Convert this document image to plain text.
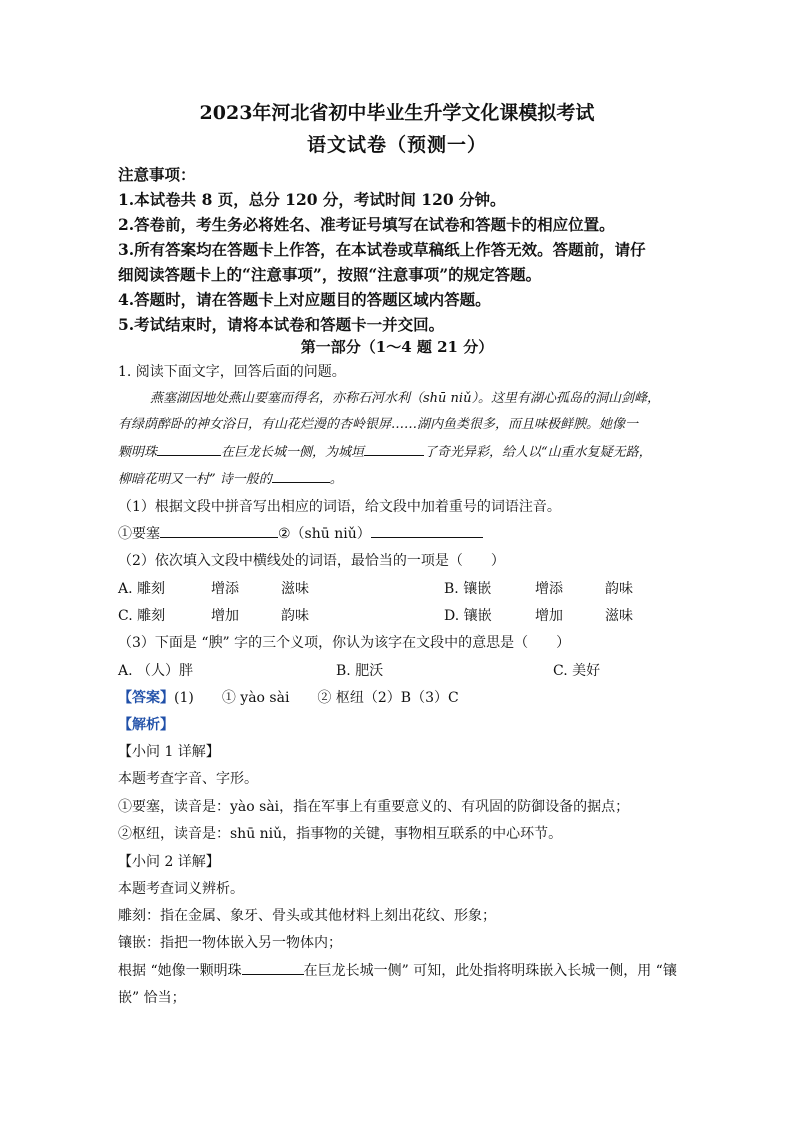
2023年河北省初中毕业生升学文化课模拟考试
语文试卷（预测一）
注意事项：
1.本试卷共 8 页，总分 120 分，考试时间 120 分钟。
2.答卷前，考生务必将姓名、准考证号填写在试卷和答题卡的相应位置。
3.所有答案均在答题卡上作答，在本试卷或草稿纸上作答无效。答题前，请仔
细阅读答题卡上的“注意事项”，按照“注意事项”的规定答题。
4.答题时，请在答题卡上对应题目的答题区域内答题。
5.考试结束时，请将本试卷和答题卡一并交回。
第一部分（1～4 题 21 分）
1. 阅读下面文字，回答后面的问题。
燕塞湖因地处燕山要塞而得名，亦称石河水利（shū niǔ）。这里有湖心孤岛的洞山剑峰，
有绿荫醉卧的神女浴日，有山花烂漫的杏岭银屏……湖内鱼类很多，而且味极鲜腴。她像一
颗明珠	在巨龙长城一侧，为城垣	了奇光异彩，给人以“山重水复疑无路，
柳暗花明又一村” 诗一般的	。
（1）根据文段中拼音写出相应的词语，给文段中加着重号的词语注音。
①要塞	②（shū niǔ）
（2）依次填入文段中横线处的词语，最恰当的一项是（　　）
A. 雕刻	增添	滋味	B. 镶嵌	增添	韵味
C. 雕刻	增加	韵味	D. 镶嵌	增加	滋味
（3）下面是 “腴” 字的三个义项，你认为该字在文段中的意思是（　　）
A. （人）胖	B. 肥沃	C. 美好
【答案】(1)　　① yào sài　　② 枢纽（2）B（3）C
【解析】
【小问 1 详解】
本题考查字音、字形。
①要塞，读音是：yào sài，指在军事上有重要意义的、有巩固的防御设备的据点；
②枢纽，读音是：shū niǔ，指事物的关键，事物相互联系的中心环节。
【小问 2 详解】
本题考查词义辨析。
雕刻：指在金属、象牙、骨头或其他材料上刻出花纹、形象；
镶嵌：指把一物体嵌入另一物体内；
根据 “她像一颗明珠	在巨龙长城一侧” 可知，此处指将明珠嵌入长城一侧，用 “镶
嵌” 恰当；
